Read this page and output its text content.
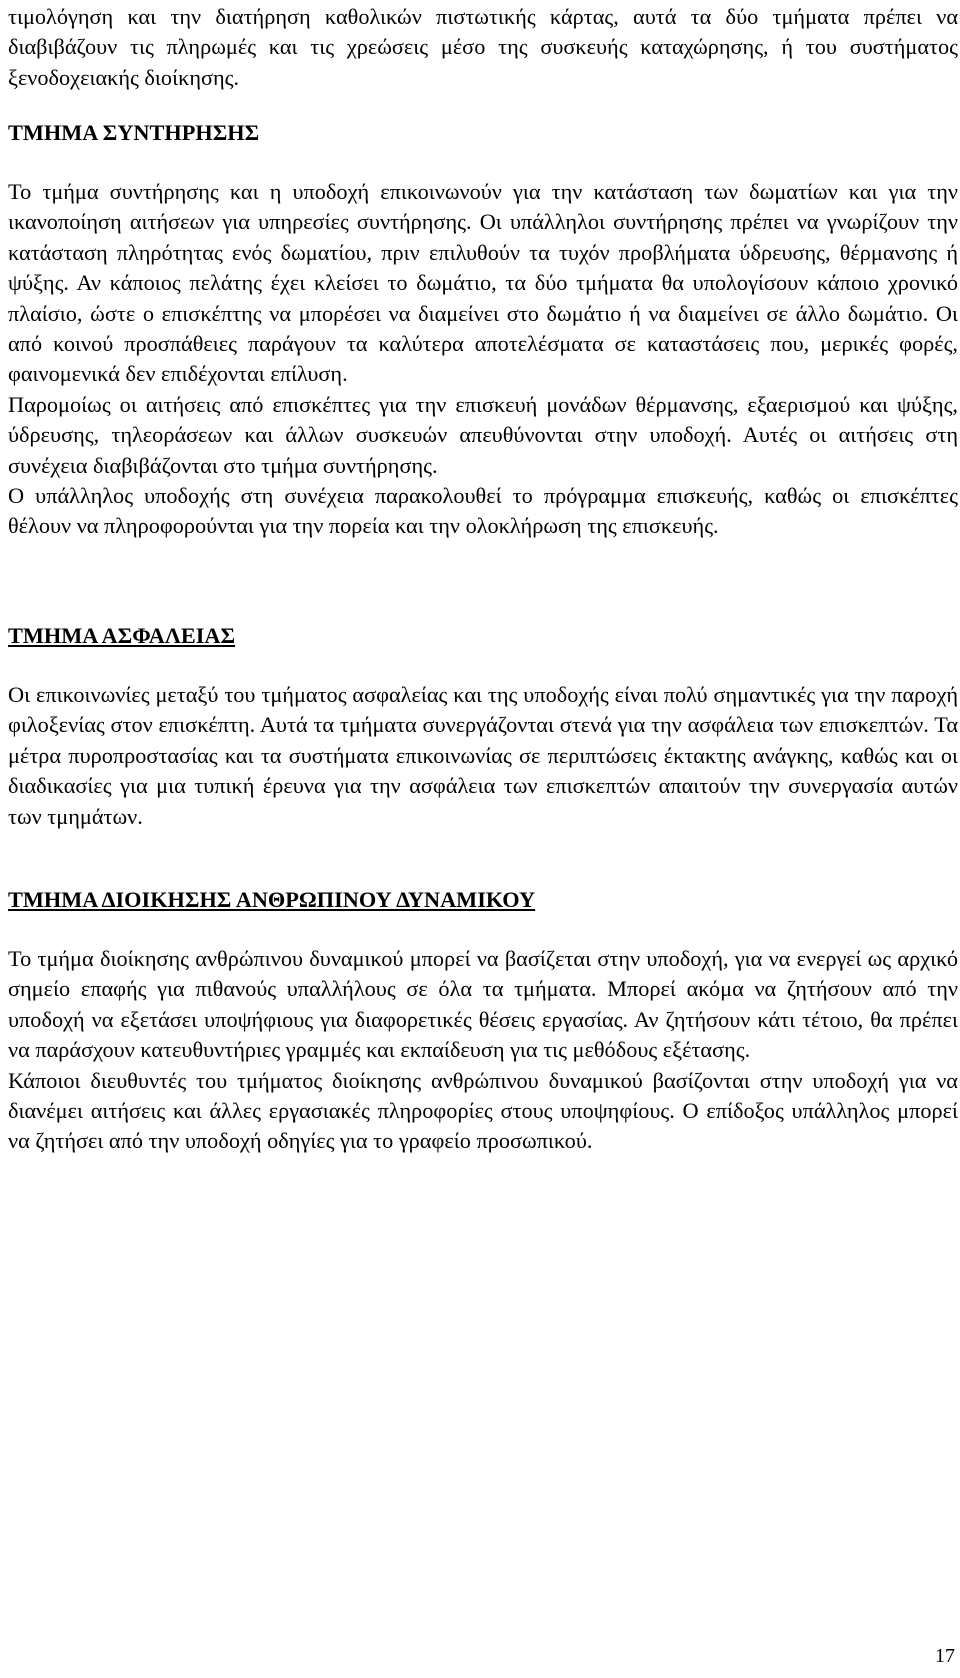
τιμολόγηση και την διατήρηση καθολικών πιστωτικής κάρτας, αυτά τα δύο τμήματα πρέπει να διαβιβάζουν τις πληρωμές και τις χρεώσεις μέσο της συσκευής καταχώρησης, ή του συστήματος ξενοδοχειακής διοίκησης.

ΤΜΗΜΑ ΣΥΝΤΗΡΗΣΗΣ

Το τμήμα συντήρησης και η υποδοχή επικοινωνούν για την κατάσταση των δωματίων και για την ικανοποίηση αιτήσεων για υπηρεσίες συντήρησης. Οι υπάλληλοι συντήρησης πρέπει να γνωρίζουν την κατάσταση πληρότητας ενός δωματίου, πριν επιλυθούν τα τυχόν προβλήματα ύδρευσης, θέρμανσης ή ψύξης. Αν κάποιος πελάτης έχει κλείσει το δωμάτιο, τα δύο τμήματα θα υπολογίσουν κάποιο χρονικό πλαίσιο, ώστε ο επισκέπτης να μπορέσει να διαμείνει στο δωμάτιο ή να διαμείνει σε άλλο δωμάτιο. Οι από κοινού προσπάθειες παράγουν τα καλύτερα αποτελέσματα σε καταστάσεις που, μερικές φορές, φαινομενικά δεν επιδέχονται επίλυση.

Παρομοίως οι αιτήσεις από επισκέπτες για την επισκευή μονάδων θέρμανσης, εξαερισμού και ψύξης, ύδρευσης, τηλεοράσεων και άλλων συσκευών απευθύνονται στην υποδοχή. Αυτές οι αιτήσεις στη συνέχεια διαβιβάζονται στο τμήμα συντήρησης.

Ο υπάλληλος υποδοχής στη συνέχεια παρακολουθεί το πρόγραμμα επισκευής, καθώς οι επισκέπτες θέλουν να πληροφορούνται για την πορεία και την ολοκλήρωση της επισκευής.

ΤΜΗΜΑ ΑΣΦΑΛΕΙΑΣ

Οι επικοινωνίες μεταξύ του τμήματος ασφαλείας και της υποδοχής είναι πολύ σημαντικές για την παροχή φιλοξενίας στον επισκέπτη. Αυτά τα τμήματα συνεργάζονται στενά για την ασφάλεια των επισκεπτών. Τα μέτρα πυροπροστασίας και τα συστήματα επικοινωνίας σε περιπτώσεις έκτακτης ανάγκης, καθώς και οι διαδικασίες για μια τυπική έρευνα για την ασφάλεια των επισκεπτών απαιτούν την συνεργασία αυτών των τμημάτων.

ΤΜΗΜΑ ΔΙΟΙΚΗΣΗΣ ΑΝΘΡΩΠΙΝΟΥ ΔΥΝΑΜΙΚΟΥ

Το τμήμα διοίκησης ανθρώπινου δυναμικού μπορεί να βασίζεται στην υποδοχή, για να ενεργεί ως αρχικό σημείο επαφής για πιθανούς υπαλλήλους σε όλα τα τμήματα. Μπορεί ακόμα να ζητήσουν από την υποδοχή να εξετάσει υποψήφιους για διαφορετικές θέσεις εργασίας. Αν ζητήσουν κάτι τέτοιο, θα πρέπει να παράσχουν κατευθυντήριες γραμμές και εκπαίδευση για τις μεθόδους εξέτασης.

Κάποιοι διευθυντές του τμήματος διοίκησης ανθρώπινου δυναμικού βασίζονται στην υποδοχή για να διανέμει αιτήσεις και άλλες εργασιακές πληροφορίες στους υποψηφίους. Ο επίδοξος υπάλληλος μπορεί να ζητήσει από την υποδοχή οδηγίες για το γραφείο προσωπικού.

17
